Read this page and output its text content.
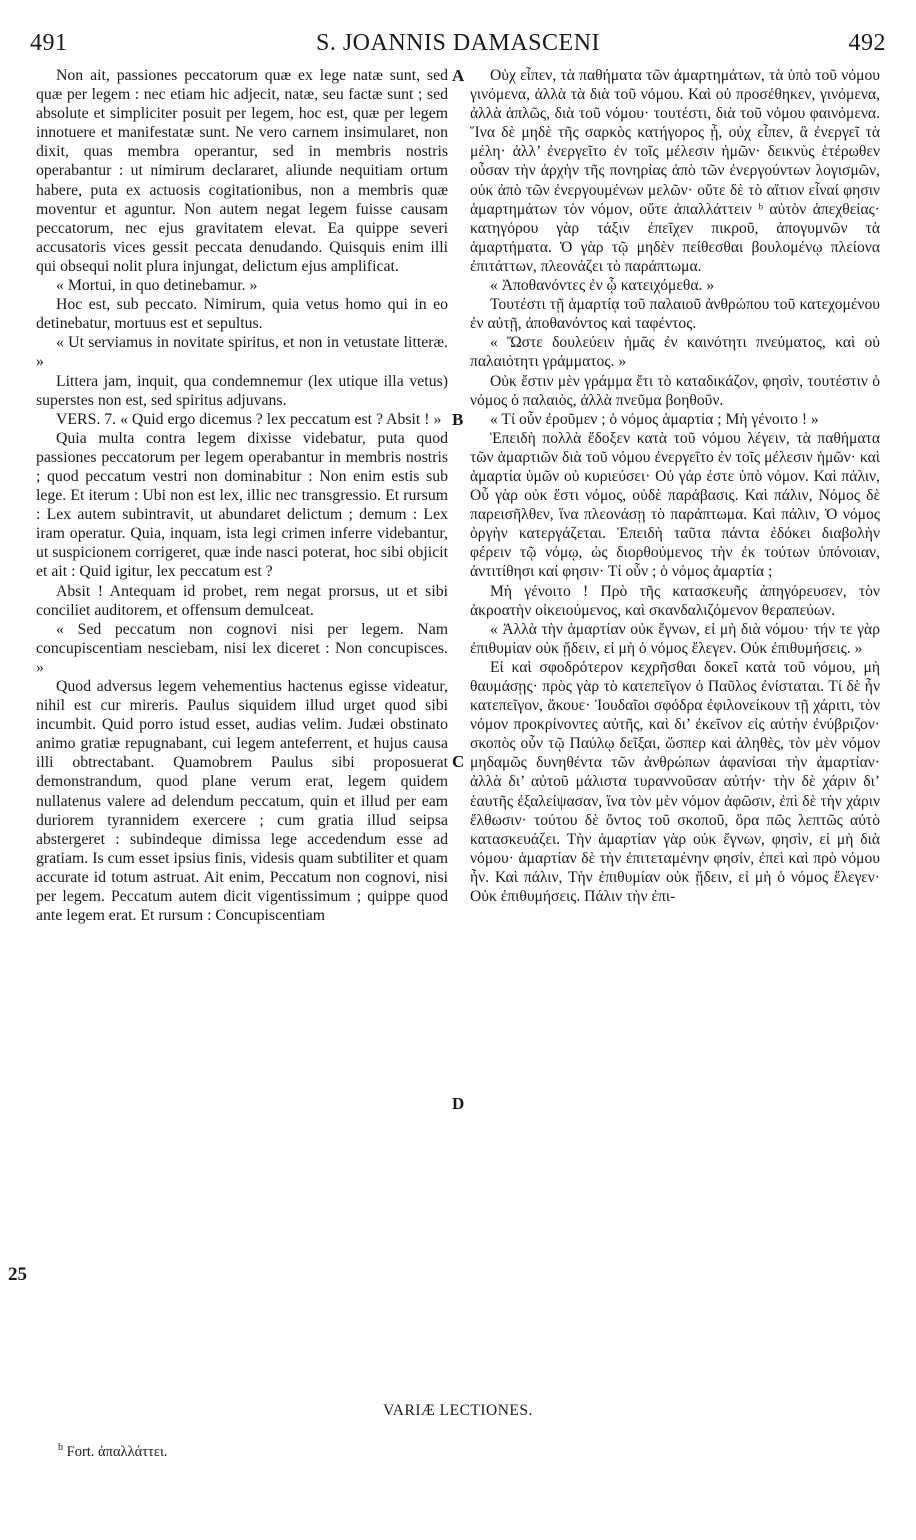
491	S. JOANNIS DAMASCENI	492

Non ait, passiones peccatorum quæ ex lege natæ sunt, sed quæ per legem : nec etiam hic adjecit, natæ, seu factæ sunt ; sed absolute et simpliciter posuit per legem, hoc est, quæ per legem innotuere et manifestatæ sunt. Ne vero carnem insimularet, non dixit, quas membra operantur, sed in membris nostris operabantur : ut nimirum declararet, aliunde nequitiam ortum habere, puta ex actuosis cogitationibus, non a membris quæ moventur et aguntur. Non autem negat legem fuisse causam peccatorum, nec ejus gravitatem elevat. Ea quippe severi accusatoris vices gessit peccata denudando. Quisquis enim illi qui obsequi nolit plura injungat, delictum ejus amplificat.

« Mortui, in quo detinebamur. »

Hoc est, sub peccato. Nimirum, quia vetus homo qui in eo detinebatur, mortuus est et sepultus.

« Ut serviamus in novitate spiritus, et non in vetustate litteræ. »

Littera jam, inquit, qua condemnemur (lex utique illa vetus) superstes non est, sed spiritus adjuvans.

VERS. 7. « Quid ergo dicemus ? lex peccatum est ? Absit ! »

Quia multa contra legem dixisse videbatur, puta quod passiones peccatorum per legem operabantur in membris nostris ; quod peccatum vestri non dominabitur : Non enim estis sub lege. Et iterum : Ubi non est lex, illic nec transgressio. Et rursum : Lex autem subintravit, ut abundaret delictum ; demum : Lex iram operatur. Quia, inquam, ista legi crimen inferre videbantur, ut suspicionem corrigeret, quæ inde nasci poterat, hoc sibi objicit et ait : Quid igitur, lex peccatum est ?

Absit ! Antequam id probet, rem negat prorsus, ut et sibi conciliet auditorem, et offensum demulceat.

« Sed peccatum non cognovi nisi per legem. Nam concupiscentiam nesciebam, nisi lex diceret : Non concupisces. »

Quod adversus legem vehementius hactenus egisse videatur, nihil est cur mireris. Paulus siquidem illud urget quod sibi incumbit. Quid porro istud esset, audias velim. Judæi obstinato animo gratiæ repugnabant, cui legem anteferrent, et hujus causa illi obtrectabant. Quamobrem Paulus sibi proposuerat demonstrandum, quod plane verum erat, legem quidem nullatenus valere ad delendum peccatum, quin et illud per eam duriorem tyrannidem exercere ; cum gratia illud seipsa abstergeret : subindeque dimissa lege accedendum esse ad gratiam. Is cum esset ipsius finis, videsis quam subtiliter et quam accurate id totum astruat. Ait enim, Peccatum non cognovi, nisi per legem. Peccatum autem dicit vigentissimum ; quippe quod ante legem erat. Et rursum : Concupiscentiam

Οὐχ εἶπεν, τὰ παθήματα τῶν ἁμαρτημάτων, τὰ ὑπὸ τοῦ νόμου γινόμενα, ἀλλὰ τὰ διὰ τοῦ νόμου. Καὶ οὐ προσέθηκεν, γινόμενα, ἀλλὰ ἁπλῶς, διὰ τοῦ νόμου· τουτέστι, διὰ τοῦ νόμου φαινόμενα. Ἵνα δὲ μηδὲ τῆς σαρκὸς κατήγορος ᾖ, οὐχ εἶπεν, ἃ ἐνεργεῖ τὰ μέλη· ἀλλ’ ἐνεργεῖτο ἐν τοῖς μέλεσιν ἡμῶν· δεικνὺς ἑτέρωθεν οὖσαν τὴν ἀρχὴν τῆς πονηρίας ἀπὸ τῶν ἐνεργούντων λογισμῶν, οὐκ ἀπὸ τῶν ἐνεργουμένων μελῶν· οὔτε δὲ τὸ αἴτιον εἶναί φησιν ἁμαρτημάτων τὸν νόμον, οὔτε ἀπαλλάττειν ᵇ αὐτὸν ἀπεχθείας· κατηγόρου γὰρ τάξιν ἐπεῖχεν πικροῦ, ἀπογυμνῶν τὰ ἁμαρτήματα. Ὁ γὰρ τῷ μηδὲν πείθεσθαι βουλομένῳ πλείονα ἐπιτάττων, πλεονάζει τὸ παράπτωμα.

« Ἀποθανόντες ἐν ᾧ κατειχόμεθα. »

Τουτέστι τῇ ἁμαρτίᾳ τοῦ παλαιοῦ ἀνθρώπου τοῦ κατεχομένου ἐν αὐτῇ, ἀποθανόντος καὶ ταφέντος.

« Ὥστε δουλεύειν ἡμᾶς ἐν καινότητι πνεύματος, καὶ οὐ παλαιότητι γράμματος. »

Οὐκ ἔστιν μὲν γράμμα ἔτι τὸ καταδικάζον, φησὶν, τουτέστιν ὁ νόμος ὁ παλαιὸς, ἀλλὰ πνεῦμα βοηθοῦν.

« Τί οὖν ἐροῦμεν ; ὁ νόμος ἁμαρτία ; Μὴ γένοιτο ! »

Ἐπειδὴ πολλὰ ἔδοξεν κατὰ τοῦ νόμου λέγειν, τὰ παθήματα τῶν ἁμαρτιῶν διὰ τοῦ νόμου ἐνεργεῖτο ἐν τοῖς μέλεσιν ἡμῶν· καὶ ἁμαρτία ὑμῶν οὐ κυριεύσει· Οὐ γάρ ἐστε ὑπὸ νόμον. Καὶ πάλιν, Οὗ γὰρ οὐκ ἔστι νόμος, οὐδὲ παράβασις. Καὶ πάλιν, Νόμος δὲ παρεισῆλθεν, ἵνα πλεονάσῃ τὸ παράπτωμα. Καὶ πάλιν, Ὁ νόμος ὀργὴν κατεργάζεται. Ἐπειδὴ ταῦτα πάντα ἐδόκει διαβολὴν φέρειν τῷ νόμῳ, ὡς διορθούμενος τὴν ἐκ τούτων ὑπόνοιαν, ἀντιτίθησι καί φησιν· Τί οὖν ; ὁ νόμος ἁμαρτία ;

Μὴ γένοιτο ! Πρὸ τῆς κατασκευῆς ἀπηγόρευσεν, τὸν ἀκροατὴν οἰκειούμενος, καὶ σκανδαλιζόμενον θεραπεύων.

« Ἀλλὰ τὴν ἁμαρτίαν οὐκ ἔγνων, εἰ μὴ διὰ νόμου· τήν τε γὰρ ἐπιθυμίαν οὐκ ᾔδειν, εἰ μὴ ὁ νόμος ἔλεγεν. Οὐκ ἐπιθυμήσεις. »

Εἰ καὶ σφοδρότερον κεχρῆσθαι δοκεῖ κατὰ τοῦ νόμου, μὴ θαυμάσῃς· πρὸς γὰρ τὸ κατεπεῖγον ὁ Παῦλος ἐνίσταται. Τί δὲ ἦν κατεπεῖγον, ἄκουε· Ἰουδαῖοι σφόδρα ἐφιλονείκουν τῇ χάριτι, τὸν νόμον προκρίνοντες αὐτῆς, καὶ δι’ ἐκεῖνον εἰς αὐτὴν ἐνύβριζον· σκοπὸς οὖν τῷ Παύλῳ δεῖξαι, ὥσπερ καὶ ἀληθὲς, τὸν μὲν νόμον μηδαμῶς δυνηθέντα τῶν ἀνθρώπων ἀφανίσαι τὴν ἁμαρτίαν· ἀλλὰ δι’ αὐτοῦ μάλιστα τυραννοῦσαν αὐτήν· τὴν δὲ χάριν δι’ ἑαυτῆς ἐξαλείψασαν, ἵνα τὸν μὲν νόμον ἀφῶσιν, ἐπὶ δὲ τὴν χάριν ἔλθωσιν· τούτου δὲ ὄντος τοῦ σκοποῦ, ὅρα πῶς λεπτῶς αὐτὸ κατασκευάζει. Τὴν ἁμαρτίαν γὰρ οὐκ ἔγνων, φησὶν, εἰ μὴ διὰ νόμου· ἁμαρτίαν δὲ τὴν ἐπιτεταμένην φησίν, ἐπεὶ καὶ πρὸ νόμου ἦν. Καὶ πάλιν, Τὴν ἐπιθυμίαν οὐκ ᾔδειν, εἰ μὴ ὁ νόμος ἔλεγεν· Οὐκ ἐπιθυμήσεις. Πάλιν τὴν ἐπι-

A
B
C
D
25
VARIÆ LECTIONES.
$^b$ Fort. ἀπαλλάττει.
